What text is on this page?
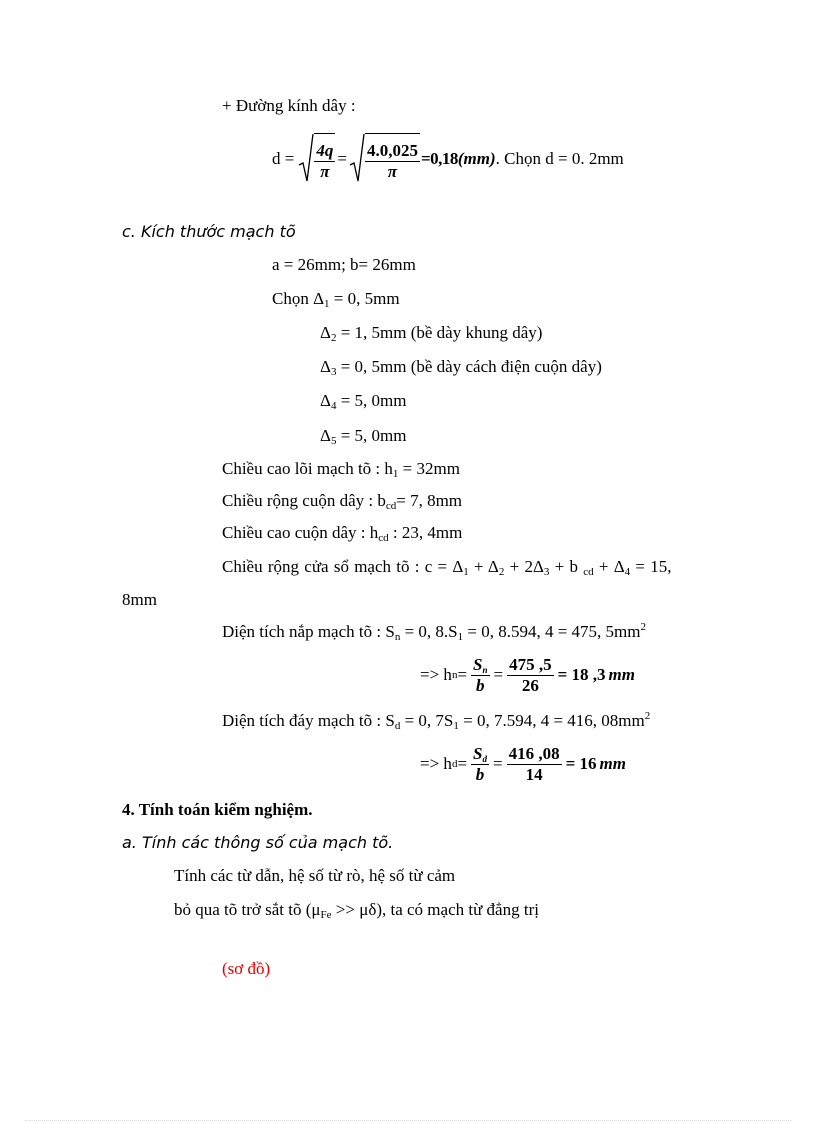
+ Đường kính dây :
$d = \frac{4q}{\pi} = \frac{4.0,025}{\pi} =0,18$ (mm) . Chọn d = 0. 2mm
c. Kích thước mạch tõ
a = 26mm; b= 26mm
Chọn $\Delta_1 = 0$, 5mm
$\Delta_2 = 1$, 5mm (bề dày khung dây)
$\Delta_3 = 0$, 5mm (bề dày cách điện cuộn dây)
$\Delta_4 = 5$, 0mm
$\Delta_5 = 5$, 0mm
Chiều cao lõi mạch tõ : $h_1 = 32mm$
Chiều rộng cuộn dây : $b_{cd}= 7$, 8mm
Chiều cao cuộn dây : $h_{cd}$ : 23, 4mm
Chiều rộng cửa sổ mạch tõ : $c = \Delta_1 + \Delta_2 + 2\Delta_3 + b$ $_{cd} + \Delta_4 = 15$,
8mm
Diện tích nắp mạch tõ : $S_n = 0$, $8.S_1 = 0$, 8.594, 4 = 475, $5mm^2$
=> h $n = \frac{S_n}{b} = \frac{475 ,5}{26} = 18$ ,3 mm
Diện tích đáy mạch tõ : $S_d = 0$, $7S_1 = 0$, 7.594, 4 = 416, $08mm^2$
=> h $d = \frac{S_d}{b} = \frac{416 ,08}{14} = 16$ mm
4. Tính toán kiểm nghiệm.
a. Tính các thông số của mạch tõ.
Tính các từ dẫn, hệ số từ rò, hệ số từ cảm
bỏ qua tõ trở sắt tõ $(\mu_{Fe} >> \mu\delta)$, ta có mạch từ đẳng trị
(sơ đồ)
